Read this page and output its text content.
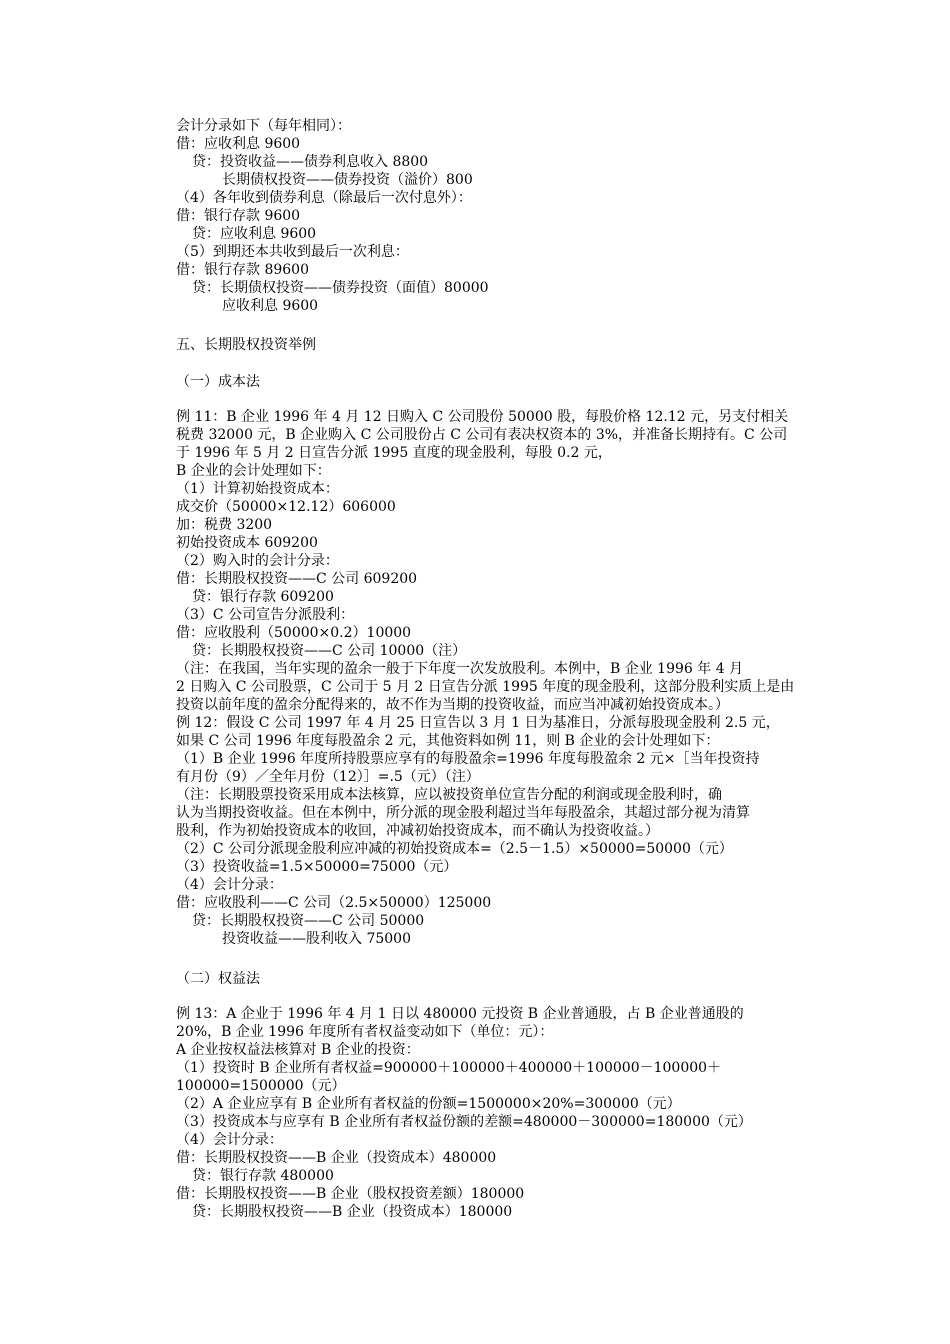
会计分录如下（每年相同）：
借：应收利息 9600
贷：投资收益——债券利息收入 8800
长期债权投资——债券投资（溢价）800
（4）各年收到债券利息（除最后一次付息外）：
借：银行存款 9600
贷：应收利息 9600
（5）到期还本共收到最后一次利息：
借：银行存款 89600
贷：长期债权投资——债券投资（面值）80000
应收利息 9600
五、长期股权投资举例
（一）成本法
例 11：B 企业 1996 年 4 月 12 日购入 C 公司股份 50000 股，每股价格 12.12 元，另支付相关
税费 32000 元，B 企业购入 C 公司股份占 C 公司有表决权资本的 3%，并准备长期持有。C 公司
于 1996 年 5 月 2 日宣告分派 1995 直度的现金股利，每股 0.2 元，
B 企业的会计处理如下：
（1）计算初始投资成本：
成交价（50000×12.12）606000
加：税费 3200
初始投资成本 609200
（2）购入时的会计分录：
借：长期股权投资——C 公司 609200
贷：银行存款 609200
（3）C 公司宣告分派股利：
借：应收股利（50000×0.2）10000
贷：长期股权投资——C 公司 10000（注）
（注：在我国，当年实现的盈余一般于下年度一次发放股利。本例中，B 企业 1996 年 4 月
2 日购入 C 公司股票，C 公司于 5 月 2 日宣告分派 1995 年度的现金股利，这部分股利实质上是由
投资以前年度的盈余分配得来的，故不作为当期的投资收益，而应当冲减初始投资成本。）
例 12：假设 C 公司 1997 年 4 月 25 日宣告以 3 月 1 日为基准日，分派每股现金股利 2.5 元，
如果 C 公司 1996 年度每股盈余 2 元，其他资料如例 11，则 B 企业的会计处理如下：
（1）B 企业 1996 年度所持股票应享有的每股盈余=1996 年度每股盈余 2 元×［当年投资持
有月份（9）／全年月份（12）］=.5（元）（注）
（注：长期股票投资采用成本法核算，应以被投资单位宣告分配的利润或现金股利时，确
认为当期投资收益。但在本例中，所分派的现金股利超过当年每股盈余，其超过部分视为清算
股利，作为初始投资成本的收回，冲减初始投资成本，而不确认为投资收益。）
（2）C 公司分派现金股利应冲减的初始投资成本=（2.5－1.5）×50000=50000（元）
（3）投资收益=1.5×50000=75000（元）
（4）会计分录：
借：应收股利——C 公司（2.5×50000）125000
贷：长期股权投资——C 公司 50000
投资收益——股利收入 75000
（二）权益法
例 13：A 企业于 1996 年 4 月 1 日以 480000 元投资 B 企业普通股，占 B 企业普通股的
20%，B 企业 1996 年度所有者权益变动如下（单位：元）：
A 企业按权益法核算对 B 企业的投资：
（1）投资时 B 企业所有者权益=900000＋100000＋400000＋100000－100000＋
100000=1500000（元）
（2）A 企业应享有 B 企业所有者权益的份额=1500000×20%=300000（元）
（3）投资成本与应享有 B 企业所有者权益份额的差额=480000－300000=180000（元）
（4）会计分录：
借：长期股权投资——B 企业（投资成本）480000
贷：银行存款 480000
借：长期股权投资——B 企业（股权投资差额）180000
贷：长期股权投资——B 企业（投资成本）180000
